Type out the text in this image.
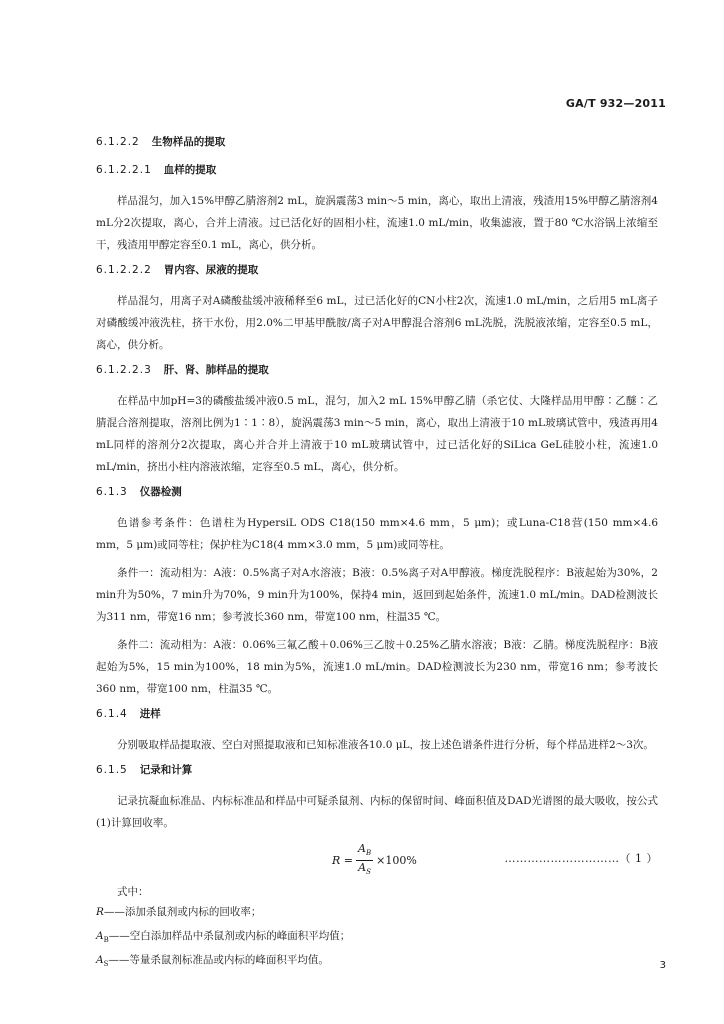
GA/T 932—2011
6.1.2.2 生物样品的提取
6.1.2.2.1 血样的提取

样品混匀，加入15%甲醇乙腈溶剂2 mL，旋涡震荡3 min～5 min，离心，取出上清液，残渣用15%甲醇乙腈溶剂4 mL分2次提取，离心，合并上清液。过已活化好的固相小柱，流速1.0 mL/min，收集滤液，置于80 ℃水浴锅上浓缩至干，残渣用甲醇定容至0.1 mL，离心，供分析。

6.1.2.2.2 胃内容、尿液的提取

样品混匀，用离子对A磷酸盐缓冲液稀释至6 mL，过已活化好的CN小柱2次，流速1.0 mL/min，之后用5 mL离子对磷酸缓冲液洗柱，挤干水份，用2.0%二甲基甲酰胺/离子对A甲醇混合溶剂6 mL洗脱，洗脱液浓缩，定容至0.5 mL，离心，供分析。

6.1.2.2.3 肝、肾、肺样品的提取

在样品中加pH=3的磷酸盐缓冲液0.5 mL，混匀，加入2 mL 15%甲醇乙腈（杀它仗、大隆样品用甲醇∶乙醚∶乙腈混合溶剂提取，溶剂比例为1∶1∶8），旋涡震荡3 min～5 min，离心，取出上清液于10 mL玻璃试管中，残渣再用4 mL同样的溶剂分2次提取，离心并合并上清液于10 mL玻璃试管中，过已活化好的SiLica GeL硅胶小柱，流速1.0 mL/min，挤出小柱内溶液浓缩，定容至0.5 mL，离心，供分析。

6.1.3 仪器检测

色谱参考条件：色谱柱为HypersiL ODS C18(150 mm×4.6 mm，5 μm)；或Luna-C18营(150 mm×4.6 mm，5 μm)或同等柱；保护柱为C18(4 mm×3.0 mm，5 μm)或同等柱。

条件一：流动相为：A液：0.5%离子对A水溶液；B液：0.5%离子对A甲醇液。梯度洗脱程序：B液起始为30%，2 min升为50%，7 min升为70%，9 min升为100%，保持4 min，返回到起始条件，流速1.0 mL/min。DAD检测波长为311 nm，带宽16 nm；参考波长360 nm，带宽100 nm，柱温35 ℃。

条件二：流动相为：A液：0.06%三氟乙酸＋0.06%三乙胺＋0.25%乙腈水溶液；B液：乙腈。梯度洗脱程序：B液起始为5%，15 min为100%，18 min为5%，流速1.0 mL/min。DAD检测波长为230 nm，带宽16 nm；参考波长360 nm，带宽100 nm，柱温35 ℃。

6.1.4 进样

分别吸取样品提取液、空白对照提取液和已知标准液各10.0 μL，按上述色谱条件进行分析，每个样品进样2～3次。

6.1.5 记录和计算

记录抗凝血标准品、内标标准品和样品中可疑杀鼠剂、内标的保留时间、峰面积值及DAD光谱图的最大吸收，按公式(1)计算回收率。

$R = \frac{A_B}{A_S} \times 100\%$	…………………………（ 1 ）
式中：
R——添加杀鼠剂或内标的回收率；
$A_B——$空白添加样品中杀鼠剂或内标的峰面积平均值；
$A_S——$等量杀鼠剂标准品或内标的峰面积平均值。	3
